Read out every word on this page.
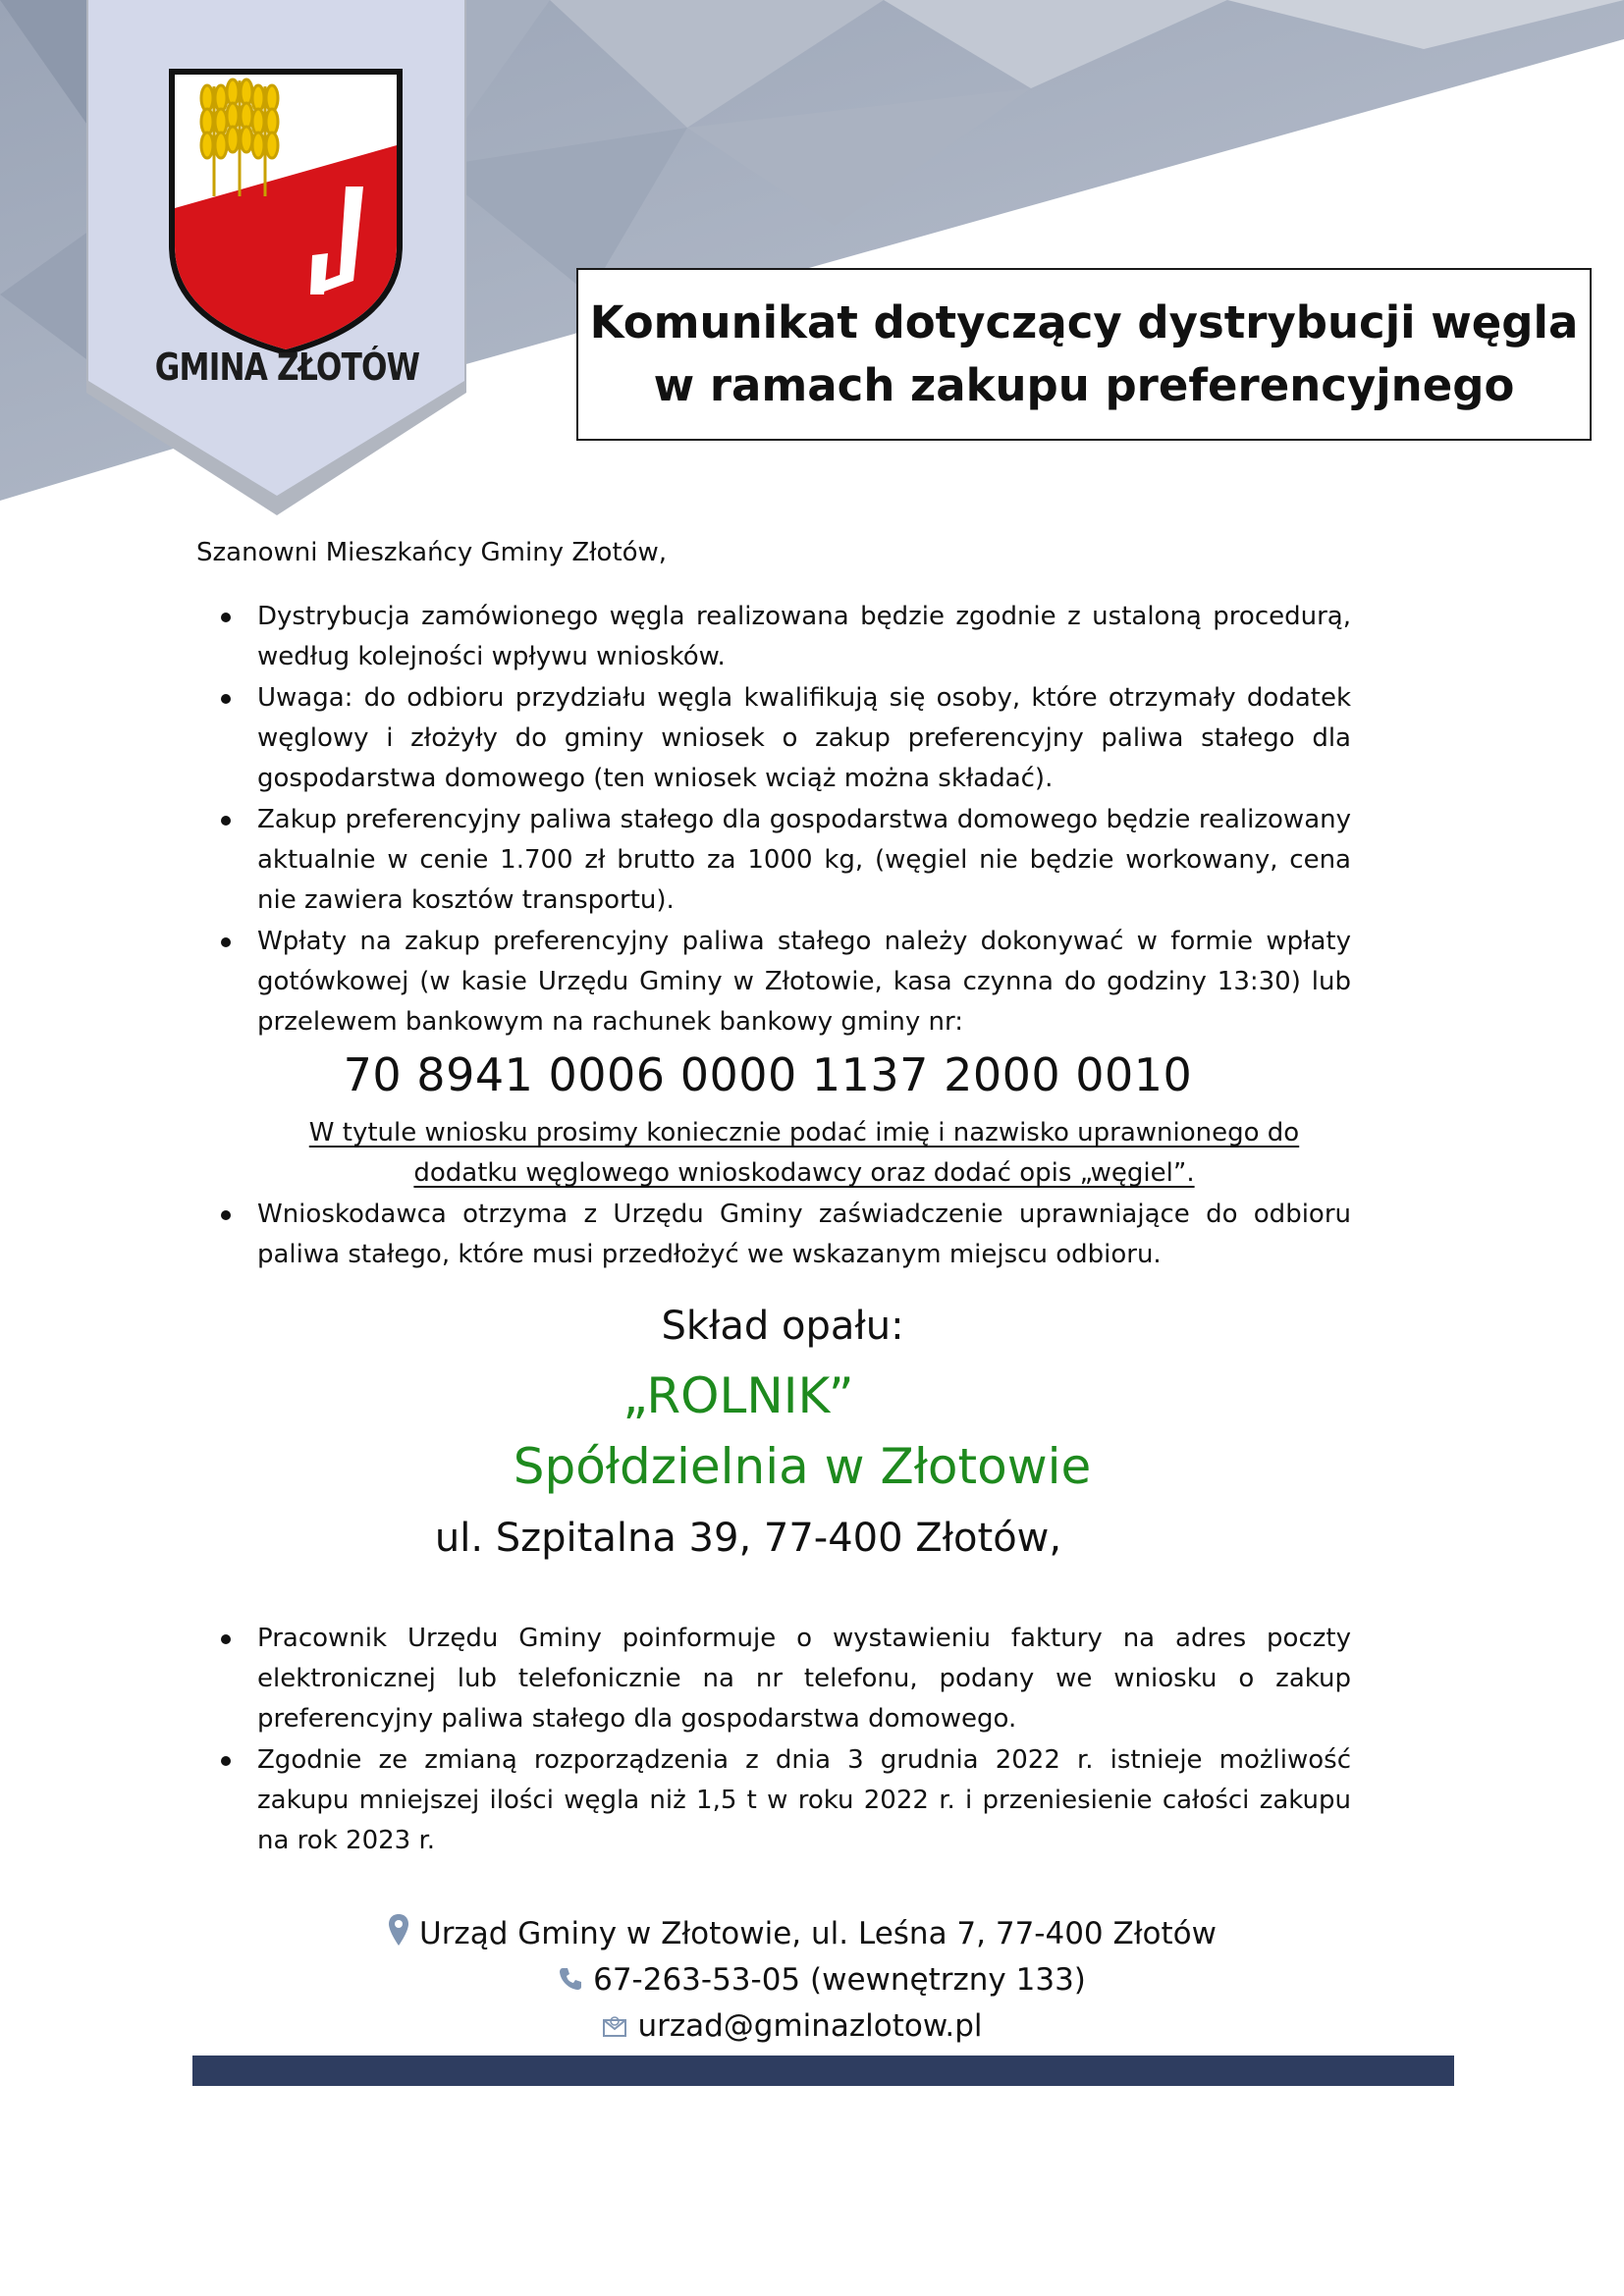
GMINA ZŁOTÓW
Komunikat dotyczący dystrybucji węgla
w ramach zakupu preferencyjnego
Szanowni Mieszkańcy Gminy Złotów,
Dystrybucja zamówionego węgla realizowana będzie zgodnie z ustaloną procedurą, według kolejności wpływu wniosków.
Uwaga: do odbioru przydziału węgla kwalifikują się osoby, które otrzymały dodatek węglowy i złożyły do gminy wniosek o zakup preferencyjny paliwa stałego dla gospodarstwa domowego (ten wniosek wciąż można składać).
Zakup preferencyjny paliwa stałego dla gospodarstwa domowego będzie realizowany aktualnie w cenie 1.700 zł brutto za 1000 kg, (węgiel nie będzie workowany, cena nie zawiera kosztów transportu).
Wpłaty na zakup preferencyjny paliwa stałego należy dokonywać w formie wpłaty gotówkowej (w kasie Urzędu Gminy w Złotowie, kasa czynna do godziny 13:30) lub przelewem bankowym na rachunek bankowy gminy nr:
70 8941 0006 0000 1137 2000 0010
W tytule wniosku prosimy koniecznie podać imię i nazwisko uprawnionego do dodatku węglowego wnioskodawcy oraz dodać opis „węgiel”.
Wnioskodawca otrzyma z Urzędu Gminy zaświadczenie uprawniające do odbioru paliwa stałego, które musi przedłożyć we wskazanym miejscu odbioru.
Skład opału:
„ROLNIK”
Spółdzielnia w Złotowie
ul. Szpitalna 39, 77-400 Złotów,
Pracownik Urzędu Gminy poinformuje o wystawieniu faktury na adres poczty elektronicznej lub telefonicznie na nr telefonu, podany we wniosku o zakup preferencyjny paliwa stałego dla gospodarstwa domowego.
Zgodnie ze zmianą rozporządzenia z dnia 3 grudnia 2022 r. istnieje możliwość zakupu mniejszej ilości węgla niż 1,5 t w roku 2022 r. i przeniesienie całości zakupu na rok 2023 r.
Urząd Gminy w Złotowie, ul. Leśna 7, 77-400 Złotów
67-263-53-05 (wewnętrzny 133)
urzad@gminazlotow.pl
